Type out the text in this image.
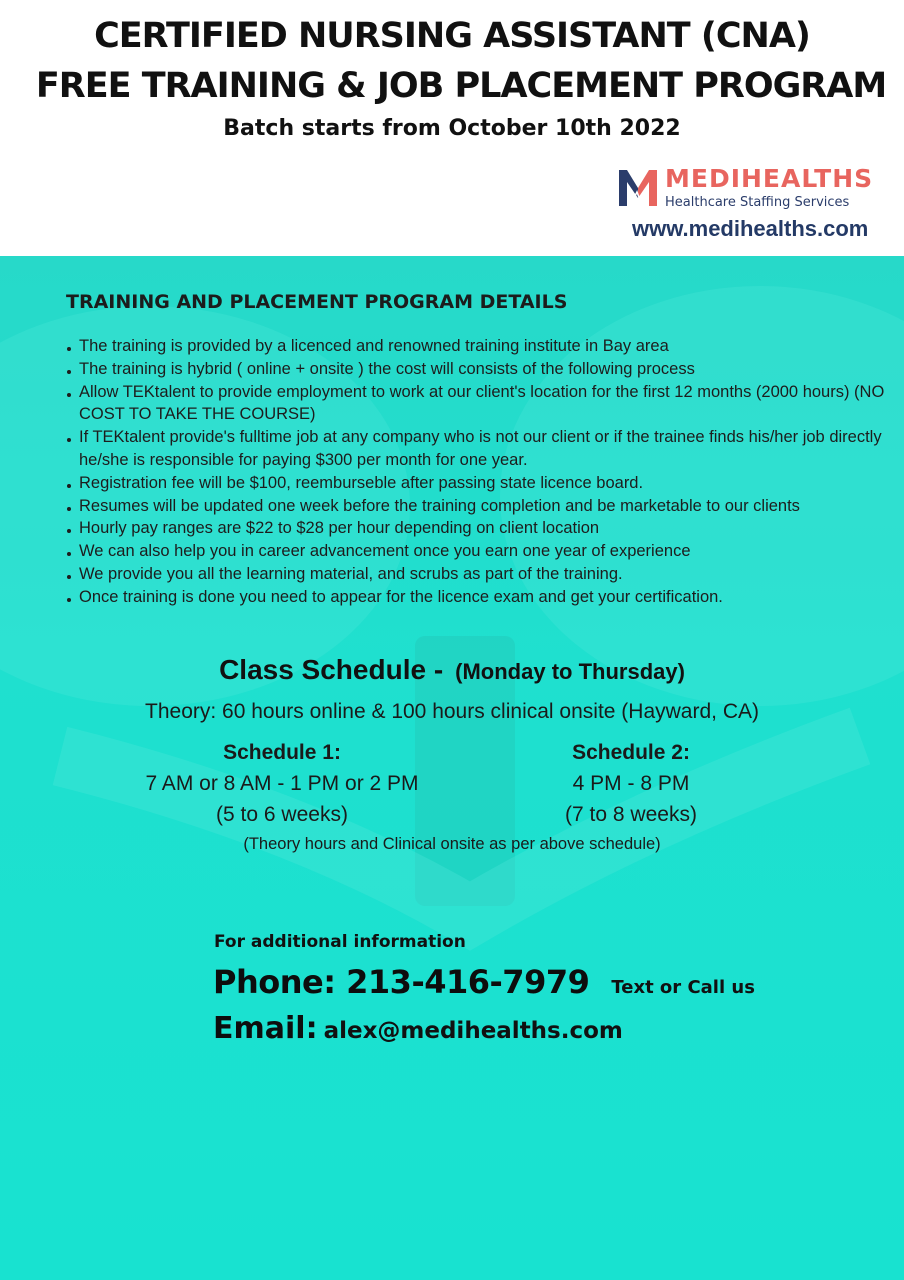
CERTIFIED NURSING ASSISTANT (CNA)
FREE TRAINING & JOB PLACEMENT PROGRAM
Batch starts from October 10th 2022
MEDIHEALTHS
Healthcare Staffing Services
www.medihealths.com
TRAINING AND PLACEMENT PROGRAM DETAILS
The training is provided by a licenced and renowned training institute in Bay area
The training is hybrid ( online + onsite ) the cost will consists of the following process
Allow TEKtalent to provide employment to work at our client's location for the first 12 months (2000 hours) (NO COST TO TAKE THE COURSE)
If TEKtalent provide's fulltime job at any company who is not our client or if the trainee finds his/her job directly he/she is responsible for paying $300 per month for one year.
Registration fee will be $100, reemburseble after passing state licence board.
Resumes will be updated one week before the training completion and be marketable to our clients
Hourly pay ranges are $22 to $28 per hour depending on client location
We can also help you in career advancement once you earn one year of experience
We provide you all the learning material, and scrubs as part of the training.
Once training is done you need to appear for the licence exam and get your certification.
Class Schedule - (Monday to Thursday)
Theory: 60 hours online & 100 hours clinical onsite (Hayward, CA)
Schedule 1:
7 AM or 8 AM - 1 PM or 2 PM
(5 to 6 weeks)
Schedule 2:
4 PM - 8 PM
(7 to 8 weeks)
(Theory hours and Clinical onsite as per above schedule)
For additional information
Phone: 213-416-7979 Text or Call us
Email: alex@medihealths.com
